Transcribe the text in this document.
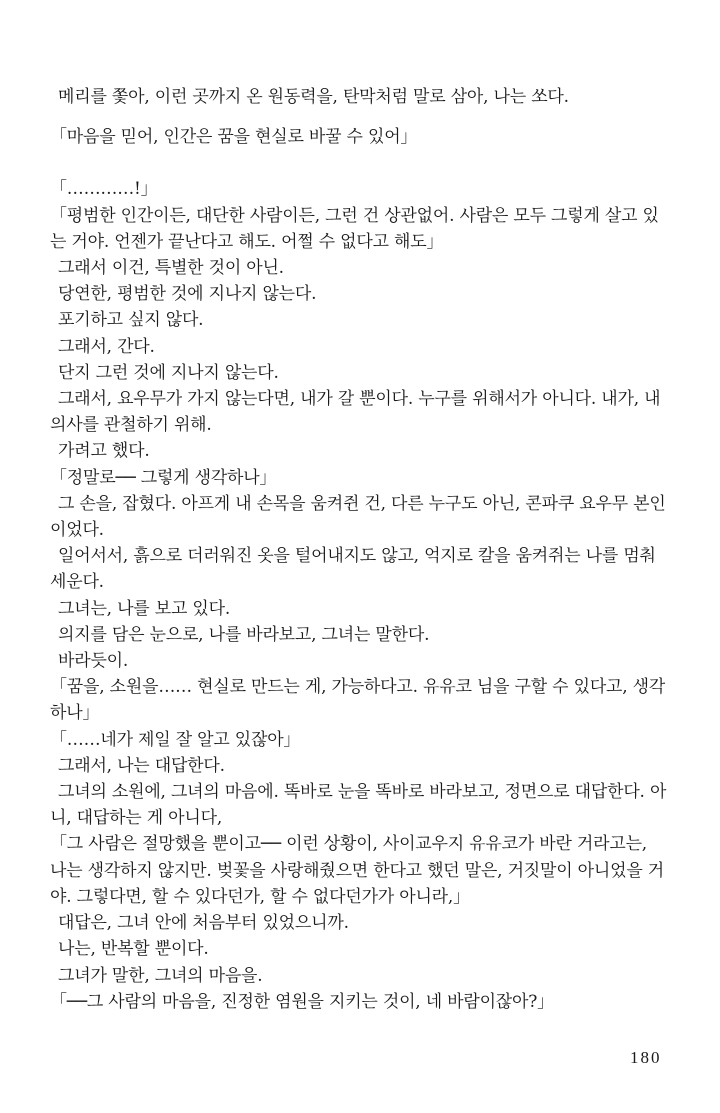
메리를 쫓아, 이런 곳까지 온 원동력을, 탄막처럼 말로 삼아, 나는 쏘다.
「마음을 믿어, 인간은 꿈을 현실로 바꿀 수 있어」
「…………!」
「평범한 인간이든, 대단한 사람이든, 그런 건 상관없어. 사람은 모두 그렇게 살고 있
는 거야. 언젠가 끝난다고 해도. 어쩔 수 없다고 해도」
그래서 이건, 특별한 것이 아닌.
당연한, 평범한 것에 지나지 않는다.
포기하고 싶지 않다.
그래서, 간다.
단지 그런 것에 지나지 않는다.
그래서, 요우무가 가지 않는다면, 내가 갈 뿐이다. 누구를 위해서가 아니다. 내가, 내
의사를 관철하기 위해.
가려고 했다.
「정말로── 그렇게 생각하나」
그 손을, 잡혔다. 아프게 내 손목을 움켜쥔 건, 다른 누구도 아닌, 콘파쿠 요우무 본인
이었다.
일어서서, 흙으로 더러워진 옷을 털어내지도 않고, 억지로 칼을 움켜쥐는 나를 멈춰
세운다.
그녀는, 나를 보고 있다.
의지를 담은 눈으로, 나를 바라보고, 그녀는 말한다.
바라듯이.
「꿈을, 소원을…… 현실로 만드는 게, 가능하다고. 유유코 님을 구할 수 있다고, 생각
하나」
「……네가 제일 잘 알고 있잖아」
그래서, 나는 대답한다.
그녀의 소원에, 그녀의 마음에. 똑바로 눈을 똑바로 바라보고, 정면으로 대답한다. 아
니, 대답하는 게 아니다,
「그 사람은 절망했을 뿐이고── 이런 상황이, 사이교우지 유유코가 바란 거라고는,
나는 생각하지 않지만. 벚꽃을 사랑해줬으면 한다고 했던 말은, 거짓말이 아니었을 거
야. 그렇다면, 할 수 있다던가, 할 수 없다던가가 아니라,」
대답은, 그녀 안에 처음부터 있었으니까.
나는, 반복할 뿐이다.
그녀가 말한, 그녀의 마음을.
「──그 사람의 마음을, 진정한 염원을 지키는 것이, 네 바람이잖아?」
180
